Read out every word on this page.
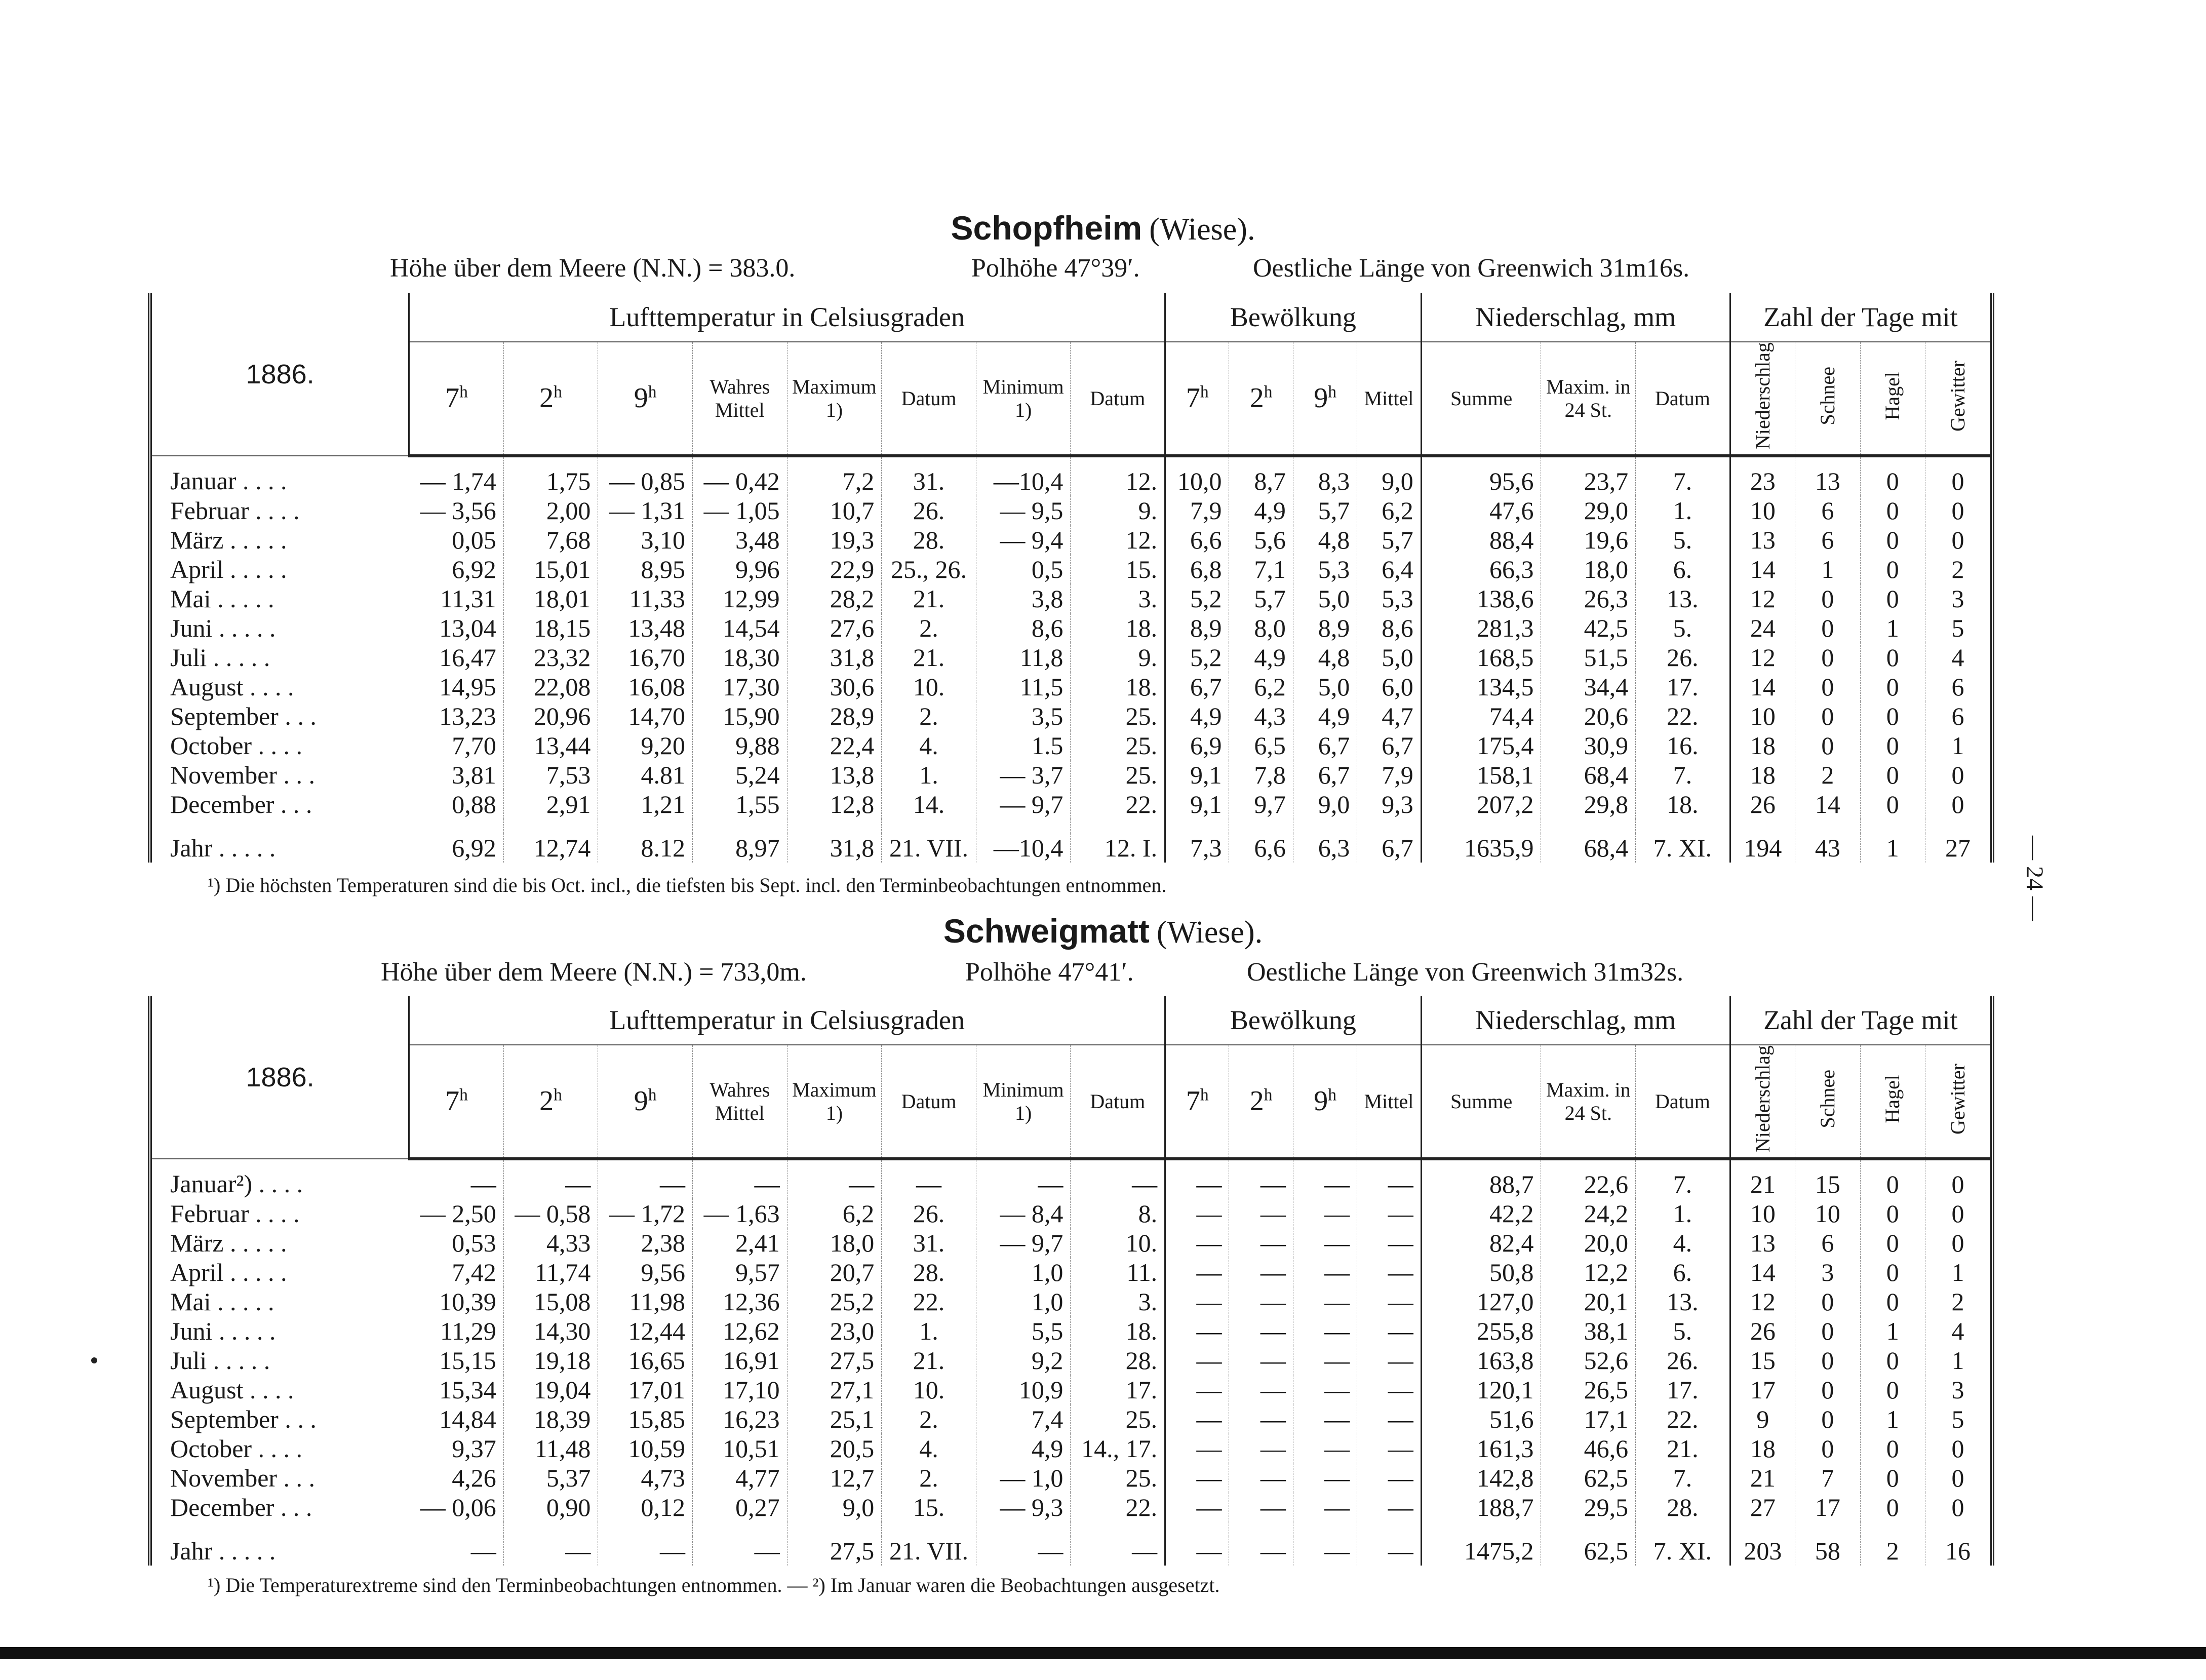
Schopfheim (Wiese).
Höhe über dem Meere (N.N.) = 383.0.	Polhöhe 47°39′.	Oestliche Länge von Greenwich 31m16s.
1886.	Lufttemperatur in Celsiusgraden								Bewölkung				Niederschlag, mm			Zahl der Tage mit			
	7$^h$	2$^h$	9$^h$	Wahres Mittel	Maximum 1)	Datum	Minimum 1)	Datum	7$^h$	2$^h$	9$^h$	Mittel	Summe	Maxim. in 24 St.	Datum	Niederschlag	Schnee	Hagel	Gewitter
Januar . . . .	— 1,74	1,75	— 0,85	— 0,42	7,2	31.	—10,4	12.	10,0	8,7	8,3	9,0	95,6	23,7	7.	23	13	0	0
Februar . . . .	— 3,56	2,00	— 1,31	— 1,05	10,7	26.	— 9,5	9.	7,9	4,9	5,7	6,2	47,6	29,0	1.	10	6	0	0
März . . . . .	0,05	7,68	3,10	3,48	19,3	28.	— 9,4	12.	6,6	5,6	4,8	5,7	88,4	19,6	5.	13	6	0	0
April . . . . .	6,92	15,01	8,95	9,96	22,9	25., 26.	0,5	15.	6,8	7,1	5,3	6,4	66,3	18,0	6.	14	1	0	2
Mai . . . . .	11,31	18,01	11,33	12,99	28,2	21.	3,8	3.	5,2	5,7	5,0	5,3	138,6	26,3	13.	12	0	0	3
Juni . . . . .	13,04	18,15	13,48	14,54	27,6	2.	8,6	18.	8,9	8,0	8,9	8,6	281,3	42,5	5.	24	0	1	5
Juli . . . . .	16,47	23,32	16,70	18,30	31,8	21.	11,8	9.	5,2	4,9	4,8	5,0	168,5	51,5	26.	12	0	0	4
August . . . .	14,95	22,08	16,08	17,30	30,6	10.	11,5	18.	6,7	6,2	5,0	6,0	134,5	34,4	17.	14	0	0	6
September . . .	13,23	20,96	14,70	15,90	28,9	2.	3,5	25.	4,9	4,3	4,9	4,7	74,4	20,6	22.	10	0	0	6
October . . . .	7,70	13,44	9,20	9,88	22,4	4.	1.5	25.	6,9	6,5	6,7	6,7	175,4	30,9	16.	18	0	0	1
November . . .	3,81	7,53	4.81	5,24	13,8	1.	— 3,7	25.	9,1	7,8	6,7	7,9	158,1	68,4	7.	18	2	0	0
December . . .	0,88	2,91	1,21	1,55	12,8	14.	— 9,7	22.	9,1	9,7	9,0	9,3	207,2	29,8	18.	26	14	0	0

Jahr . . . . .	6,92	12,74	8.12	8,97	31,8	21. VII.	—10,4	12. I.	7,3	6,6	6,3	6,7	1635,9	68,4	7. XI.	194	43	1	27
¹) Die höchsten Temperaturen sind die bis Oct. incl., die tiefsten bis Sept. incl. den Terminbeobachtungen entnommen.
Schweigmatt (Wiese).
Höhe über dem Meere (N.N.) = 733,0m.	Polhöhe 47°41′.	Oestliche Länge von Greenwich 31m32s.
1886.	Lufttemperatur in Celsiusgraden								Bewölkung				Niederschlag, mm			Zahl der Tage mit			
	7$^h$	2$^h$	9$^h$	Wahres Mittel	Maximum 1)	Datum	Minimum 1)	Datum	7$^h$	2$^h$	9$^h$	Mittel	Summe	Maxim. in 24 St.	Datum	Niederschlag	Schnee	Hagel	Gewitter
Januar²) . . . .	—	—	—	—	—	—	—	—	—	—	—	—	88,7	22,6	7.	21	15	0	0
Februar . . . .	— 2,50	— 0,58	— 1,72	— 1,63	6,2	26.	— 8,4	8.	—	—	—	—	42,2	24,2	1.	10	10	0	0
März . . . . .	0,53	4,33	2,38	2,41	18,0	31.	— 9,7	10.	—	—	—	—	82,4	20,0	4.	13	6	0	0
April . . . . .	7,42	11,74	9,56	9,57	20,7	28.	1,0	11.	—	—	—	—	50,8	12,2	6.	14	3	0	1
Mai . . . . .	10,39	15,08	11,98	12,36	25,2	22.	1,0	3.	—	—	—	—	127,0	20,1	13.	12	0	0	2
Juni . . . . .	11,29	14,30	12,44	12,62	23,0	1.	5,5	18.	—	—	—	—	255,8	38,1	5.	26	0	1	4
Juli . . . . .	15,15	19,18	16,65	16,91	27,5	21.	9,2	28.	—	—	—	—	163,8	52,6	26.	15	0	0	1
August . . . .	15,34	19,04	17,01	17,10	27,1	10.	10,9	17.	—	—	—	—	120,1	26,5	17.	17	0	0	3
September . . .	14,84	18,39	15,85	16,23	25,1	2.	7,4	25.	—	—	—	—	51,6	17,1	22.	9	0	1	5
October . . . .	9,37	11,48	10,59	10,51	20,5	4.	4,9	14., 17.	—	—	—	—	161,3	46,6	21.	18	0	0	0
November . . .	4,26	5,37	4,73	4,77	12,7	2.	— 1,0	25.	—	—	—	—	142,8	62,5	7.	21	7	0	0
December . . .	— 0,06	0,90	0,12	0,27	9,0	15.	— 9,3	22.	—	—	—	—	188,7	29,5	28.	27	17	0	0

Jahr . . . . .	—	—	—	—	27,5	21. VII.	—	—	—	—	—	—	1475,2	62,5	7. XI.	203	58	2	16
¹) Die Temperaturextreme sind den Terminbeobachtungen entnommen. — ²) Im Januar waren die Beobachtungen ausgesetzt.
— 24 —
